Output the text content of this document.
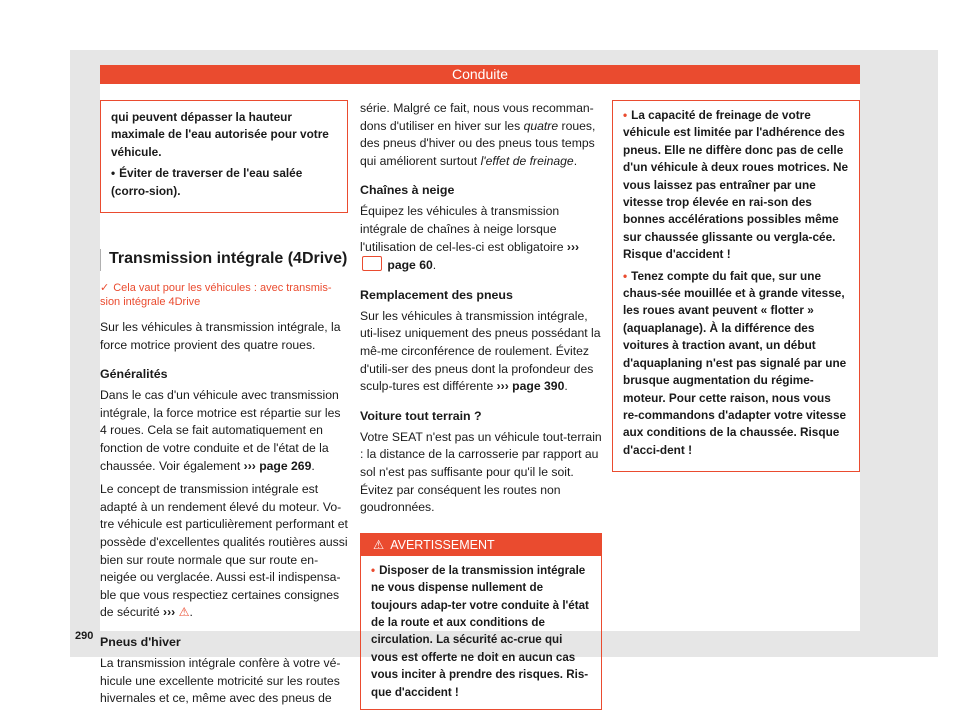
Conduite

qui peuvent dépasser la hauteur maximale de l'eau autorisée pour votre véhicule.

• Éviter de traverser de l'eau salée (corro-sion).

Transmission intégrale (4Drive)
✓ Cela vaut pour les véhicules : avec transmis-sion intégrale 4Drive

Sur les véhicules à transmission intégrale, la force motrice provient des quatre roues.

Généralités

Dans le cas d'un véhicule avec transmission intégrale, la force motrice est répartie sur les 4 roues. Cela se fait automatiquement en fonction de votre conduite et de l'état de la chaussée. Voir également ››› page 269.

Le concept de transmission intégrale est adapté à un rendement élevé du moteur. Vo-tre véhicule est particulièrement performant et possède d'excellentes qualités routières aussi bien sur route normale que sur route en-neigée ou verglacée. Aussi est-il indispensa-ble que vous respectiez certaines consignes de sécurité ››› ⚠.

Pneus d'hiver

La transmission intégrale confère à votre vé-hicule une excellente motricité sur les routes hivernales et ce, même avec des pneus de

série. Malgré ce fait, nous vous recomman-dons d'utiliser en hiver sur les quatre roues, des pneus d'hiver ou des pneus tous temps qui améliorent surtout l'effet de freinage.

Chaînes à neige

Équipez les véhicules à transmission intégrale de chaînes à neige lorsque l'utilisation de cel-les-ci est obligatoire ›››  page 60.

Remplacement des pneus

Sur les véhicules à transmission intégrale, uti-lisez uniquement des pneus possédant la mê-me circonférence de roulement. Évitez d'utili-ser des pneus dont la profondeur des sculp-tures est différente ››› page 390.

Voiture tout terrain ?

Votre SEAT n'est pas un véhicule tout-terrain : la distance de la carrosserie par rapport au sol n'est pas suffisante pour qu'il le soit. Évitez par conséquent les routes non goudronnées.

⚠ AVERTISSEMENT
• Disposer de la transmission intégrale ne vous dispense nullement de toujours adap-ter votre conduite à l'état de la route et aux conditions de circulation. La sécurité ac-crue qui vous est offerte ne doit en aucun cas vous inciter à prendre des risques. Ris-que d'accident !

• La capacité de freinage de votre véhicule est limitée par l'adhérence des pneus. Elle ne diffère donc pas de celle d'un véhicule à deux roues motrices. Ne vous laissez pas entraîner par une vitesse trop élevée en rai-son des bonnes accélérations possibles même sur chaussée glissante ou vergla-cée. Risque d'accident !

• Tenez compte du fait que, sur une chaus-sée mouillée et à grande vitesse, les roues avant peuvent « flotter » (aquaplanage). À la différence des voitures à traction avant, un début d'aquaplaning n'est pas signalé par une brusque augmentation du régime-moteur. Pour cette raison, nous vous re-commandons d'adapter votre vitesse aux conditions de la chaussée. Risque d'acci-dent !

290
